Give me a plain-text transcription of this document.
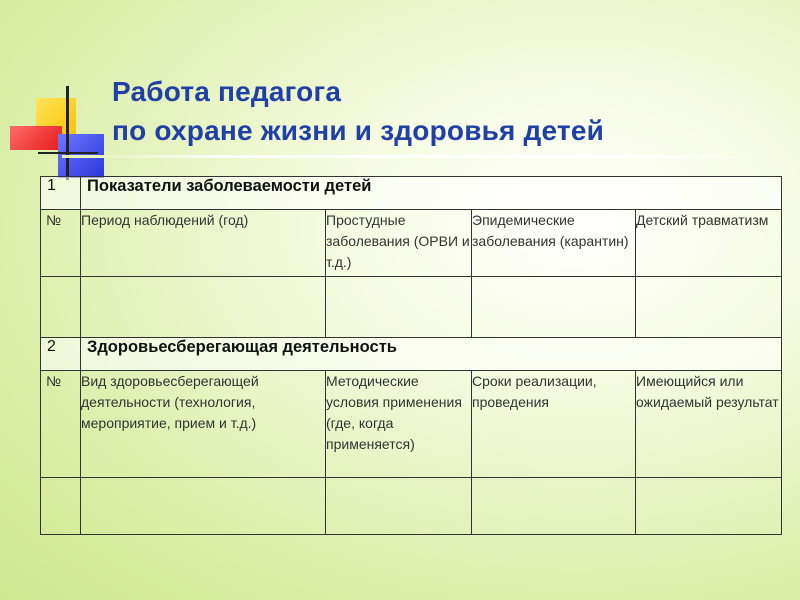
Работа педагога
по охране жизни и здоровья детей
1	Показатели заболеваемости детей			
№	Период наблюдений (год)	Простудные заболевания (ОРВИ и т.д.)	Эпидемические заболевания (карантин)	Детский травматизм

2	Здоровьесберегающая деятельность			
№	Вид здоровьесберегающей деятельности (технология, мероприятие, прием и т.д.)	Методические условия применения (где, когда применяется)	Сроки реализации, проведения	Имеющийся или ожидаемый результат
